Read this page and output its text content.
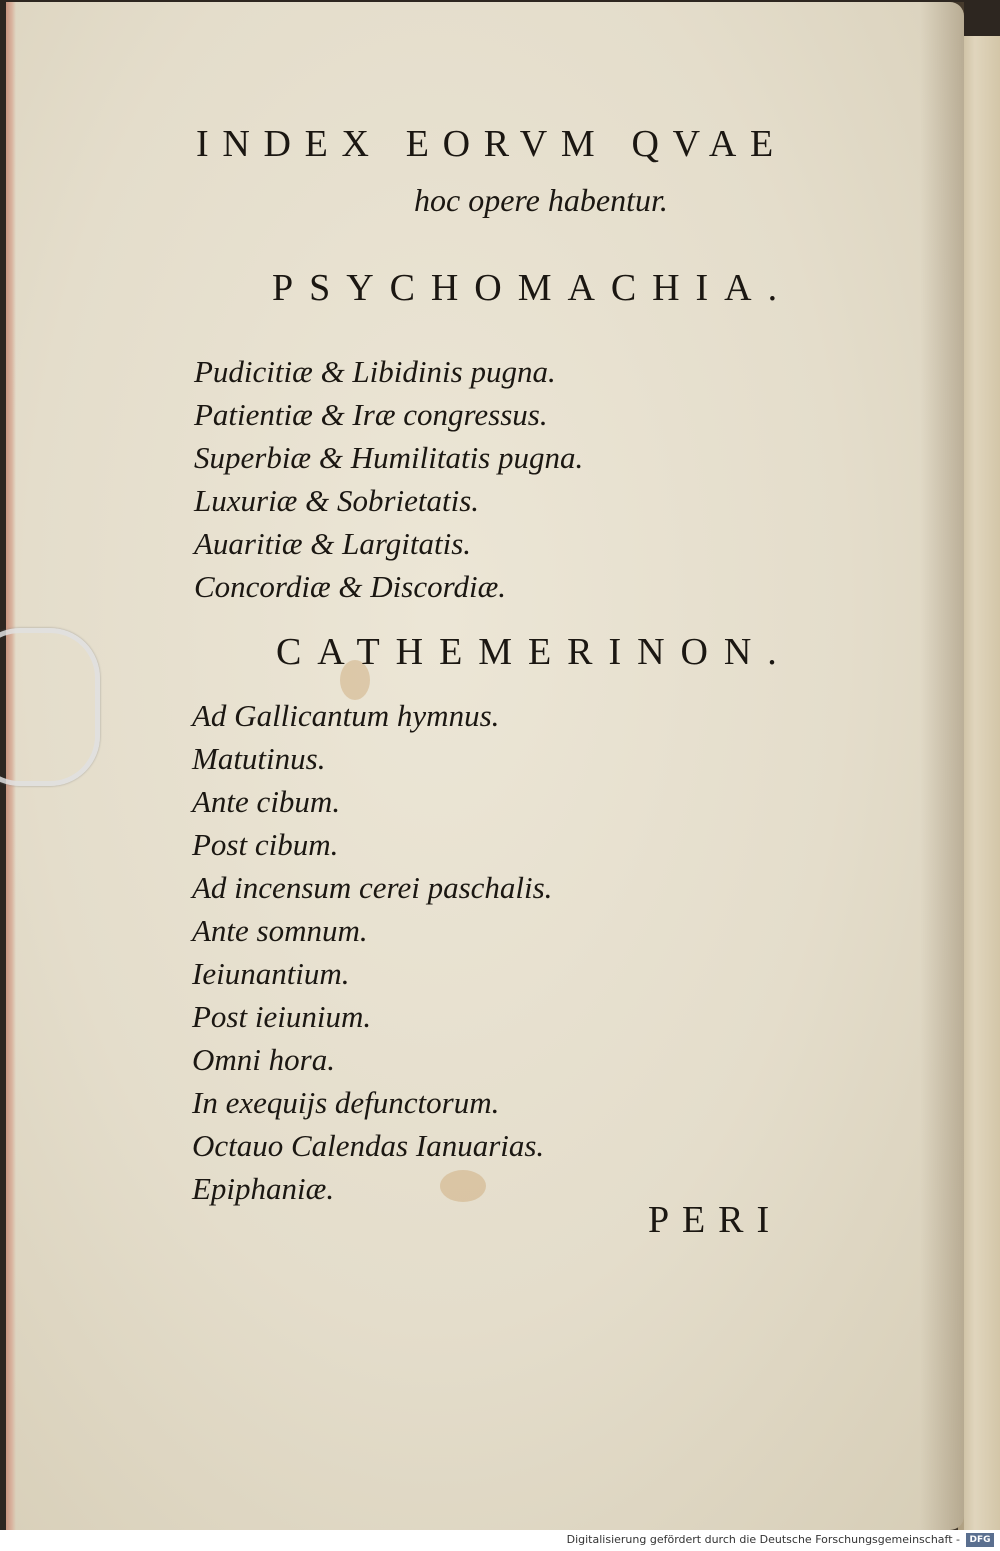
INDEX EORVM QVAE

hoc opere habentur.

PSYCHOMACHIA.
Pudicitiæ & Libidinis pugna.
Patientiæ & Iræ congressus.
Superbiæ & Humilitatis pugna.
Luxuriæ & Sobrietatis.
Auaritiæ & Largitatis.
Concordiæ & Discordiæ.
CATHEMERINON.
Ad Gallicantum hymnus.
Matutinus.
Ante cibum.
Post cibum.
Ad incensum cerei paschalis.
Ante somnum.
Ieiunantium.
Post ieiunium.
Omni hora.
In exequijs defunctorum.
Octauo Calendas Ianuarias.
Epiphaniæ.

PERI

Digitalisierung gefördert durch die Deutsche Forschungsgemeinschaft -	DFG
